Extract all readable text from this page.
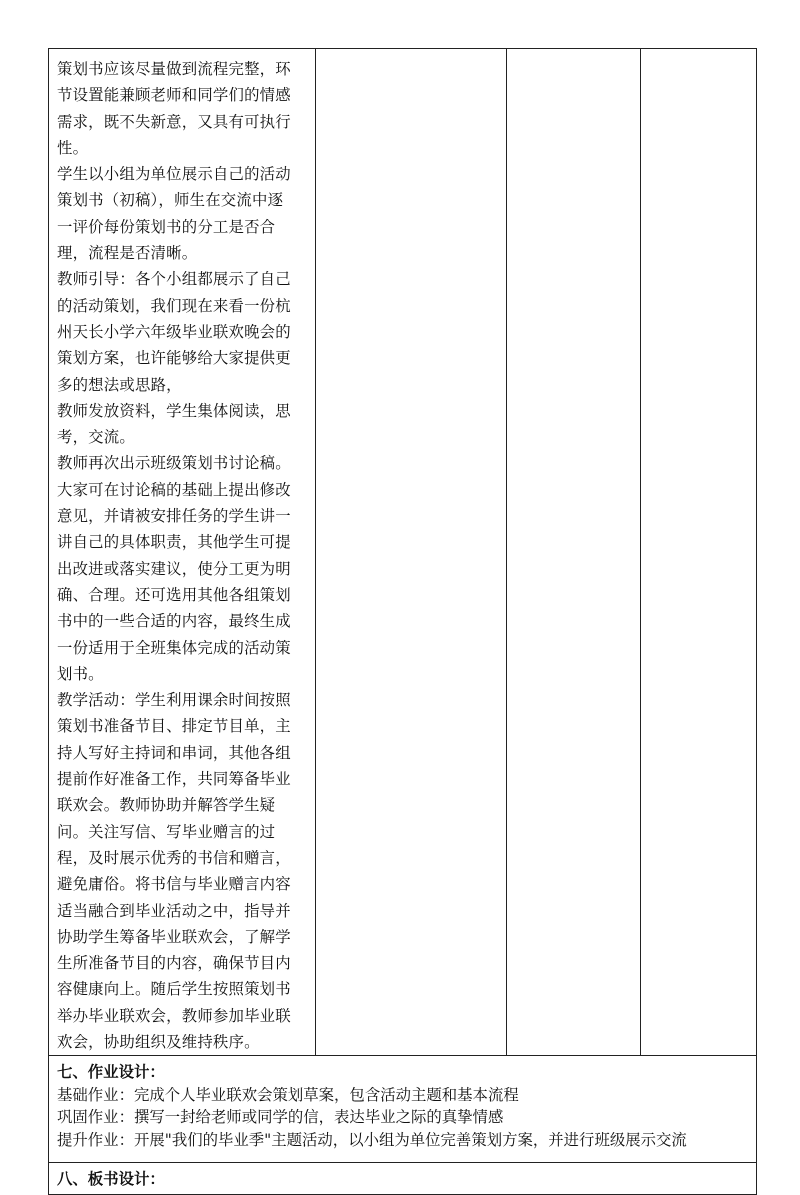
策划书应该尽量做到流程完整，环
节设置能兼顾老师和同学们的情感
需求，既不失新意，又具有可执行
性。
学生以小组为单位展示自己的活动
策划书（初稿），师生在交流中逐
一评价每份策划书的分工是否合
理，流程是否清晰。
教师引导：各个小组都展示了自己
的活动策划，我们现在来看一份杭
州天长小学六年级毕业联欢晚会的
策划方案，也许能够给大家提供更
多的想法或思路，
教师发放资料，学生集体阅读，思
考，交流。
教师再次出示班级策划书讨论稿。
大家可在讨论稿的基础上提出修改
意见，并请被安排任务的学生讲一
讲自己的具体职责，其他学生可提
出改进或落实建议，使分工更为明
确、合理。还可选用其他各组策划
书中的一些合适的内容，最终生成
一份适用于全班集体完成的活动策
划书。
教学活动：学生利用课余时间按照
策划书准备节目、排定节目单，主
持人写好主持词和串词，其他各组
提前作好准备工作，共同筹备毕业
联欢会。教师协助并解答学生疑
问。关注写信、写毕业赠言的过
程，及时展示优秀的书信和赠言，
避免庸俗。将书信与毕业赠言内容
适当融合到毕业活动之中，指导并
协助学生筹备毕业联欢会，了解学
生所准备节目的内容，确保节目内
容健康向上。随后学生按照策划书
举办毕业联欢会，教师参加毕业联
欢会，协助组织及维持秩序。

七、作业设计：
基础作业：完成个人毕业联欢会策划草案，包含活动主题和基本流程
巩固作业：撰写一封给老师或同学的信，表达毕业之际的真挚情感
提升作业：开展"我们的毕业季"主题活动，以小组为单位完善策划方案，并进行班级展示交流

八、板书设计：
